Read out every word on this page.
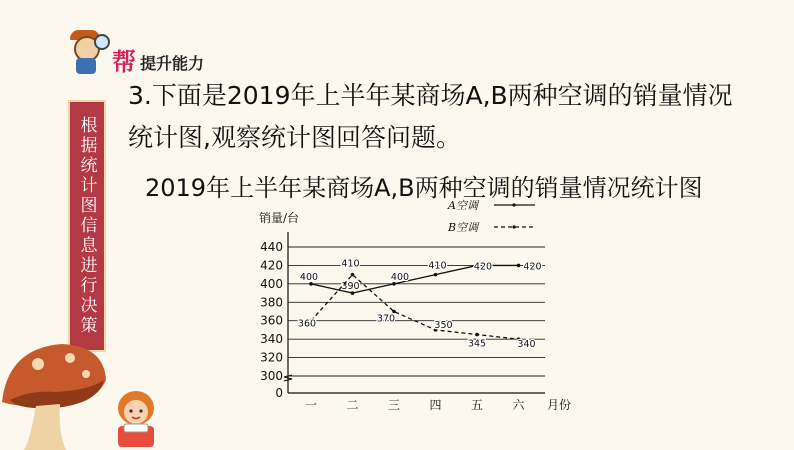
帮 提升能力
3.下面是2019年上半年某商场A,B两种空调的销量情况
统计图,观察统计图回答问题。
根据统计图信息进行决策 2019年上半年某商场A,B两种空调的销量情况统计图
销量/台
月份
0
300
320
340
360
380
400
420
440
一 二 三 四 五 六
400
390
400
410	420	420
360
410
370
350
345	340
A空调
B空调
